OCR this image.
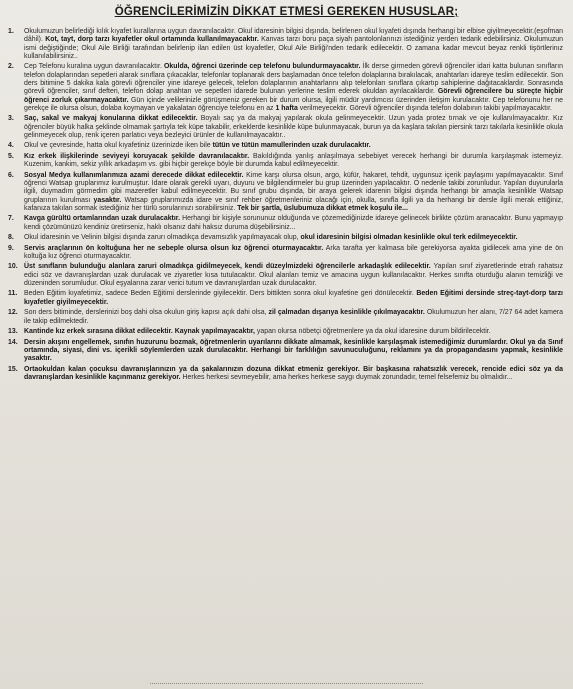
ÖĞRENCİLERİMİZİN DİKKAT ETMESİ GEREKEN HUSUSLAR;
1.	Okulumuzun belirlediği kılık kıyafet kurallarına uygun davranılacaktır. Okul idaresinin bilgisi dışında, belirlenen okul kıyafeti dışında herhangi bir elbise giyilmeyecektir.(eşofman dâhil). Kot, tayt, dorp tarzı kıyafetler okul ortamında kullanılmayacaktır. Kanvas tarzı boru paça siyah pantolonlarınızı istediğiniz yerden tedarik edebilirsiniz. Okulumuzun ismi değiştiğinde; Okul Aile Birliği tarafından belirlenip ilan edilen üst kıyafetler, Okul Aile Birliği'nden tedarik edilecektir. O zamana kadar mevcut beyaz renkli tişörtlerinız kullanılabilirsiniz..
2.	Cep Telefonu kuralına uygun davranılacaktır. Okulda, öğrenci üzerinde cep telefonu bulundurmayacaktır. İlk derse girmeden görevli öğrenciler idari katta bulunan sınıfların telefon dolaplarından sepetleri alarak sınıflara çıkacaklar, telefonlar toplanarak ders başlamadan önce telefon dolaplarına bırakılacak, anahtarları idareye teslim edilecektir. Son ders bitimine 5 dakika kala görevli öğrenciler yine idareye gelecek, telefon dolaplarının anahtarlarını alıp telefonları sınıflara çıkartıp sahiplerine dağıtacaklardır. Sonrasında görevli öğrenciler, sınıf defteri, telefon dolap anahtarı ve sepetleri idarede bulunan yerlerine teslim ederek okuldan ayrılacaklardır. Görevli öğrencilere bu süreçte hiçbir öğrenci zorluk çıkarmayacaktır. Gün içinde velilerinizle görüşmeniz gereken bir durum olursa, ilgili müdür yardımcısı üzerinden iletişim kurulacaktır. Cep telefonunu her ne gerekçe ile olursa olsun, dolaba koymayan ve yakalatan öğrenciye telefonu en az 1 hafta verilmeyecektir. Görevli öğrenciler dışında telefon dolabının takibi yapılmayacaktır.
3.	Saç, sakal ve makyaj konularına dikkat edilecektir. Boyalı saç ya da makyaj yapılarak okula gelinmeyecektir. Uzun yada protez tırnak ve oje kullanılmayacaktır. Kız öğrenciler büyük halka şeklinde olmamak şartıyla tek küpe takabilir, erkeklerde kesinlikle küpe bulunmayacak, burun ya da kaşlara takılan piersink tarzı takılarla kesinlikle okula gelinmeyecek olup, renk içeren parlatıcı veya bezleyici ürünler de kullanılmayacaktır..
4.	Okul ve çevresinde, hatta okul kıyafetiniz üzerinizde iken bile tütün ve tütün mamullerinden uzak durulacaktır.
5.	Kız erkek ilişkilerinde seviyeyi koruyacak şekilde davranılacaktır. Bakıldığında yanlış anlaşılmaya sebebiyet verecek herhangi bir durumla karşılaşmak istemeyiz. Kuzenim, kankim, sekiz yıllık arkadaşım vs. gibi hiçbir gerekçe böyle bir durumda kabul edilmeyecektir.
6.	Sosyal Medya kullanımlarımıza azami derecede dikkat edilecektir. Kime karşı olursa olsun, argo, küfür, hakaret, tehdit, uygunsuz içerik paylaşımı yapılmayacaktır. Sınıf öğrenci Watsap gruplarımız kurulmuştur. İdare olarak gerekli uyarı, duyuru ve bilgilendirmeler bu grup üzerinden yapılacaktır. O nedenle takibi zorunludur. Yapılan duyurularla ilgili, duymadım görmedim gibi mazeretler kabul edilmeyecektir. Bu sınıf grubu dışında, bir araya gelerek idarenin bilgisi dışında herhangi bir amaçla kesinlikle Watsap gruplarının kurulması yasaktır. Watsap gruplarımızda idare ve sınıf rehber öğretmenleriniz olacağı için, okulla, sınıfla ilgili ya da herhangi bir dersle ilgili merak ettiğiniz, kafanıza takılan sormak istediğiniz her türlü sorularınızı sorabilirsiniz. Tek bir şartla, üslubumuza dikkat etmek koşulu ile...
7.	Kavga gürültü ortamlarından uzak durulacaktır. Herhangi bir kişiyle sorununuz olduğunda ve çözemediğinizde idareye gelinecek birlikte çözüm aranacaktır. Bunu yapmayıp kendi çözümünüzü kendiniz üretirseniz, haklı olsanız dahi haksız duruma düşebilirsiniz...
8.	Okul idaresinin ve Velinin bilgisi dışında zarurı olmadıkça devamsızlık yapılmayacak olup, okul idaresinin bilgisi olmadan kesinlikle okul terk edilmeyecektir.
9.	Servis araçlarının ön koltuğuna her ne sebeple olursa olsun kız öğrenci oturmayacaktır. Arka tarafta yer kalmasa bile gerekiyorsa ayakta gidilecek ama yine de ön koltuğa kız öğrenci oturmayacaktır.
10. Üst sınıfların bulunduğu alanlara zaruri olmadıkça gidilmeyecek, kendi düzeylmizdeki öğrencilerle arkadaşlık edilecektir. Yapılan sınıf ziyaretlerinde etrafı rahatsız edici söz ve davranışlardan uzak durulacak ve ziyaretler kısa tutulacaktır. Okul alanları temiz ve amacına uygun kullanılacaktır. Herkes sınıfta oturduğu alanın temizliği ve düzeninden sorumludur. Okul eşyalarına zarar verici tutum ve davranışlardan uzak durulacaktır.
11. Beden Eğitim kıyafetimiz, sadece Beden Eğitimi derslerinde giyilecektir. Ders bittikten sonra okul kıyafetine geri dönülecektir. Beden Eğitimi dersinde streç-tayt-dorp tarzı kıyafetler giyilmeyecektir.
12. Son ders bitiminde, derslerinizi boş dahi olsa okulun giriş kapısı açık dahi olsa, zil çalmadan dışarıya kesinlikle çıkılmayacaktır. Okulumuzun her alanı, 7/27 64 adet kamera ile takip edilmektedir.
13. Kantinde kız erkek sırasına dikkat edilecektir. Kaynak yapılmayacaktır, yapan olursa nöbetçi öğretmenlere ya da okul idaresine durum bildirilecektir.
14. Dersin akışını engellemek, sınıfın huzurunu bozmak, öğretmenlerin uyarılarını dikkate almamak, kesinlikle karşılaşmak istemediğimiz durumlardır. Okul ya da Sınıf ortamında, siyasi, dini vs. içerikli söylemlerden uzak durulacaktır. Herhangi bir farklılığın savunuculuğunu, reklamını ya da propagandasını yapmak, kesinlikle yasaktır.
15. Ortaokuldan kalan çocuksu davranışlarınızın ya da şakalarınızın dozuna dikkat etmeniz gerekiyor. Bir başkasına rahatsızlık verecek, rencide edici söz ya da davranışlardan kesinlikle kaçınmanız gerekiyor. Herkes herkesi sevmeyebilir, ama herkes herkese saygı duymak zorundadır, temel felsefemiz bu olmalıdır...
